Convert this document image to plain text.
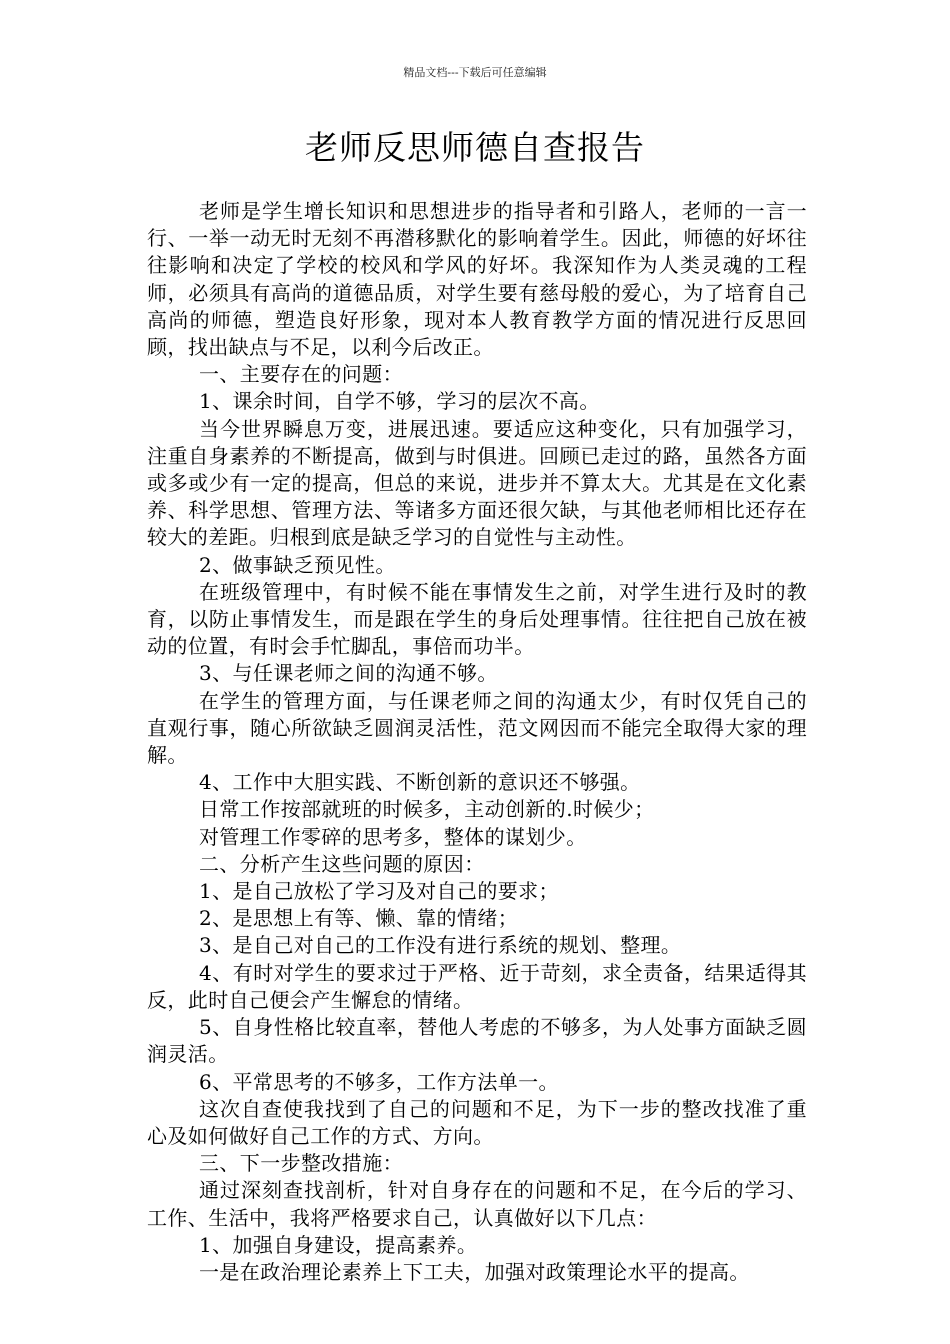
精品文档---下载后可任意编辑
老师反思师德自查报告

老师是学生增长知识和思想进步的指导者和引路人，老师的一言一行、一举一动无时无刻不再潜移默化的影响着学生。因此，师德的好坏往往影响和决定了学校的校风和学风的好坏。我深知作为人类灵魂的工程师，必须具有高尚的道德品质，对学生要有慈母般的爱心，为了培育自己高尚的师德，塑造良好形象，现对本人教育教学方面的情况进行反思回顾，找出缺点与不足，以利今后改正。

一、主要存在的问题：

1、课余时间，自学不够，学习的层次不高。

当今世界瞬息万变，进展迅速。要适应这种变化，只有加强学习，注重自身素养的不断提高，做到与时俱进。回顾已走过的路，虽然各方面或多或少有一定的提高，但总的来说，进步并不算太大。尤其是在文化素养、科学思想、管理方法、等诸多方面还很欠缺，与其他老师相比还存在较大的差距。归根到底是缺乏学习的自觉性与主动性。

2、做事缺乏预见性。

在班级管理中，有时候不能在事情发生之前，对学生进行及时的教育，以防止事情发生，而是跟在学生的身后处理事情。往往把自己放在被动的位置，有时会手忙脚乱，事倍而功半。

3、与任课老师之间的沟通不够。

在学生的管理方面，与任课老师之间的沟通太少，有时仅凭自己的直观行事，随心所欲缺乏圆润灵活性，范文网因而不能完全取得大家的理解。

4、工作中大胆实践、不断创新的意识还不够强。

日常工作按部就班的时候多，主动创新的.时候少；

对管理工作零碎的思考多，整体的谋划少。

二、分析产生这些问题的原因：

1、是自己放松了学习及对自己的要求；

2、是思想上有等、懒、靠的情绪；

3、是自己对自己的工作没有进行系统的规划、整理。

4、有时对学生的要求过于严格、近于苛刻，求全责备，结果适得其反，此时自己便会产生懈怠的情绪。

5、自身性格比较直率，替他人考虑的不够多，为人处事方面缺乏圆润灵活。

6、平常思考的不够多，工作方法单一。

这次自查使我找到了自己的问题和不足，为下一步的整改找准了重心及如何做好自己工作的方式、方向。

三、下一步整改措施：

通过深刻查找剖析，针对自身存在的问题和不足，在今后的学习、工作、生活中，我将严格要求自己，认真做好以下几点：

1、加强自身建设，提高素养。

一是在政治理论素养上下工夫，加强对政策理论水平的提高。
